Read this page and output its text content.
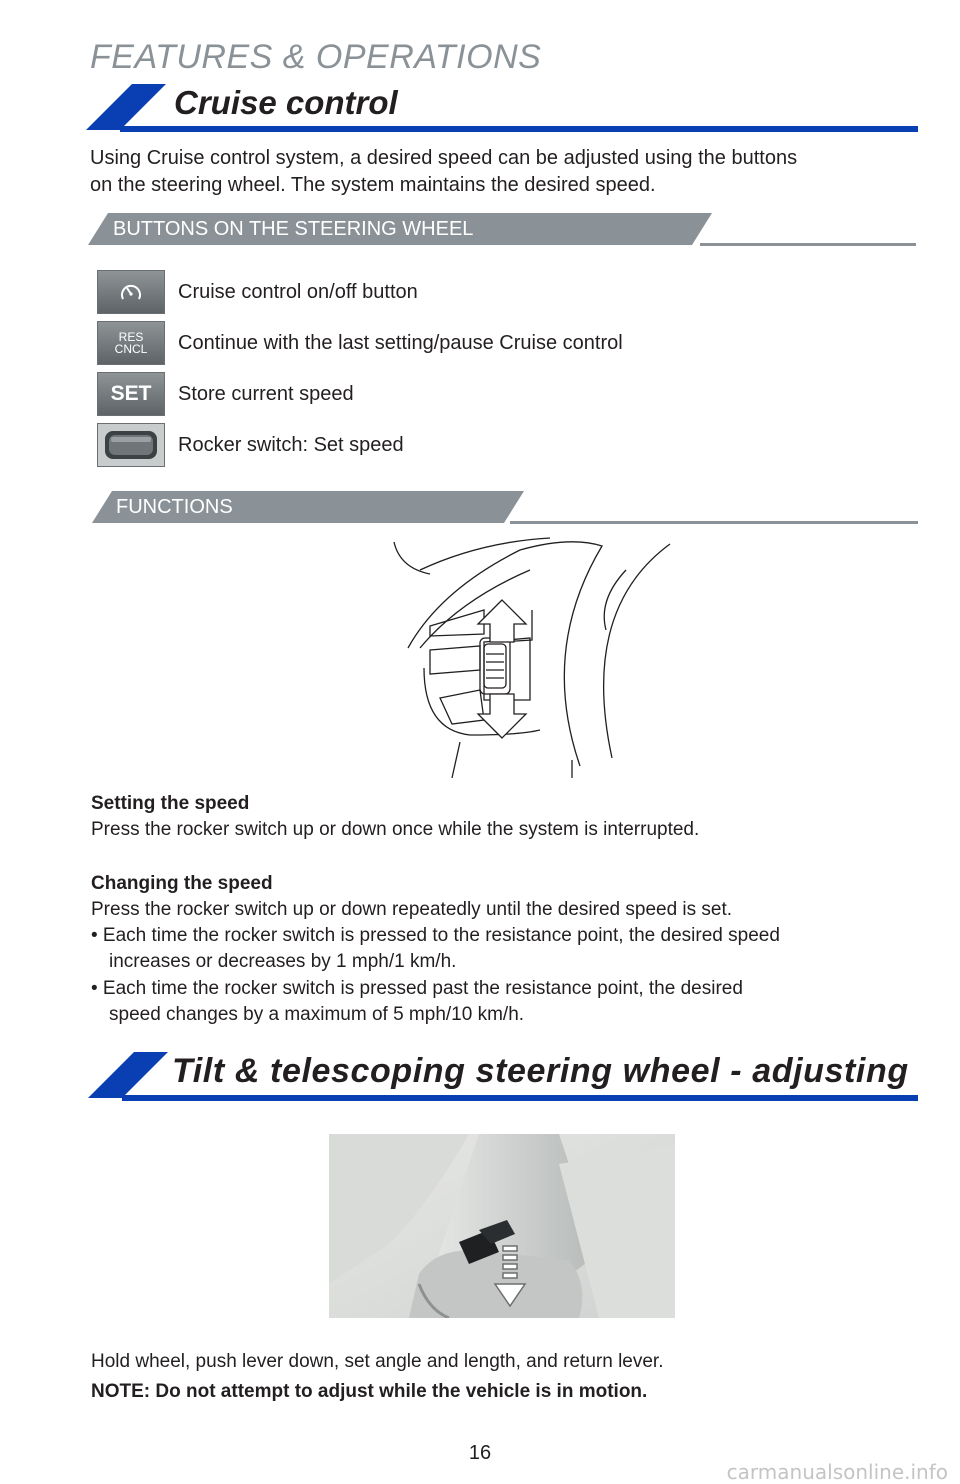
FEATURES & OPERATIONS
Cruise control
Using Cruise control system, a desired speed can be adjusted using the buttons
on the steering wheel. The system maintains the desired speed.
BUTTONS ON THE STEERING WHEEL
Cruise control on/off button
RES
CNCL Continue with the last setting/pause Cruise control
SET Store current speed
Rocker switch: Set speed
FUNCTIONS
Setting the speed
Press the rocker switch up or down once while the system is interrupted.
Changing the speed
Press the rocker switch up or down repeatedly until the desired speed is set.
• Each time the rocker switch is pressed to the resistance point, the desired speed
increases or decreases by 1 mph/1 km/h.
• Each time the rocker switch is pressed past the resistance point, the desired
speed changes by a maximum of 5 mph/10 km/h.
Tilt & telescoping steering wheel - adjusting
Hold wheel, push lever down, set angle and length, and return lever.
NOTE: Do not attempt to adjust while the vehicle is in motion.
16
carmanualsonline.info
